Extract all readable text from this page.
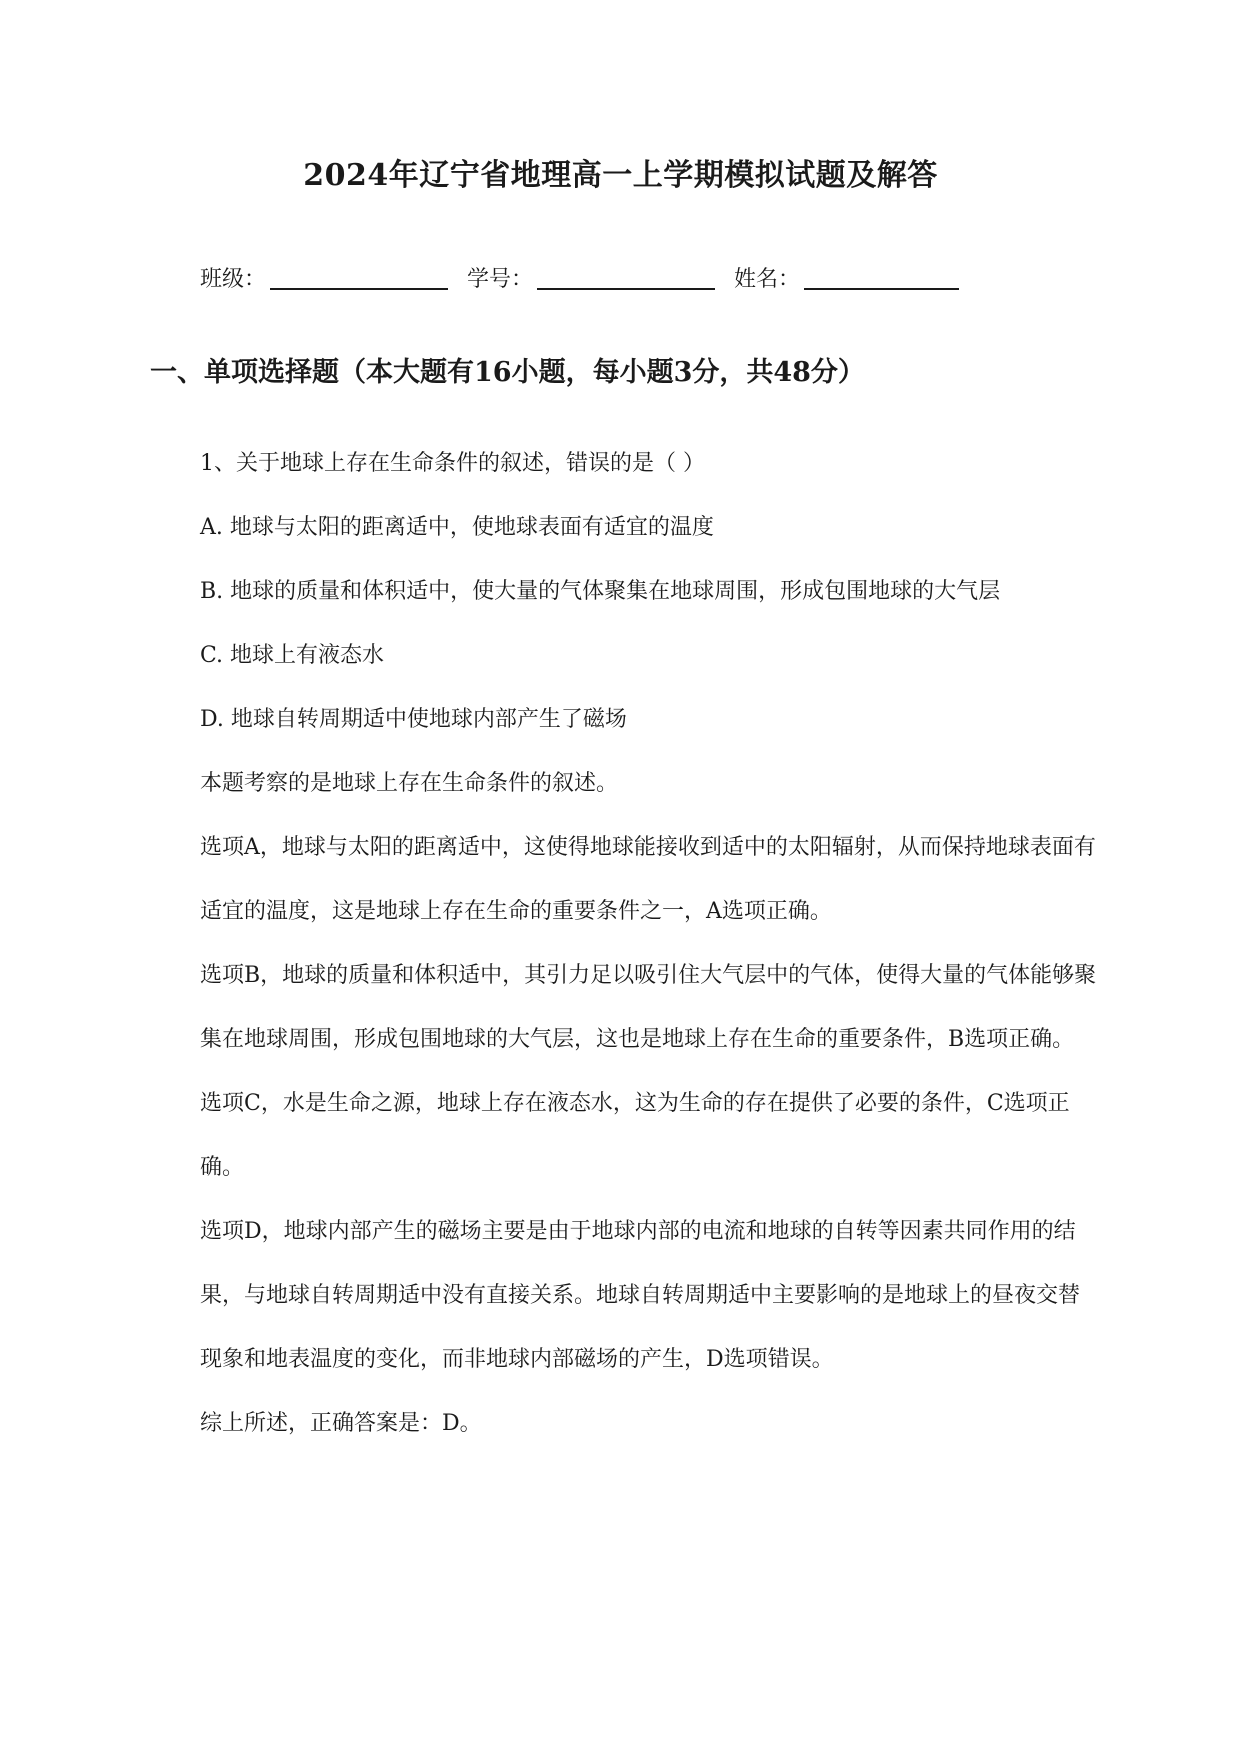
2024年辽宁省地理高一上学期模拟试题及解答
班级：	学号：	姓名：
一、单项选择题（本大题有16小题，每小题3分，共48分）

1、关于地球上存在生命条件的叙述，错误的是（ ）

A. 地球与太阳的距离适中，使地球表面有适宜的温度

B. 地球的质量和体积适中，使大量的气体聚集在地球周围，形成包围地球的大气层

C. 地球上有液态水

D. 地球自转周期适中使地球内部产生了磁场

本题考察的是地球上存在生命条件的叙述。

选项A，地球与太阳的距离适中，这使得地球能接收到适中的太阳辐射，从而保持地球表面有适宜的温度，这是地球上存在生命的重要条件之一，A选项正确。

选项B，地球的质量和体积适中，其引力足以吸引住大气层中的气体，使得大量的气体能够聚集在地球周围，形成包围地球的大气层，这也是地球上存在生命的重要条件，B选项正确。

选项C，水是生命之源，地球上存在液态水，这为生命的存在提供了必要的条件，C选项正确。

选项D，地球内部产生的磁场主要是由于地球内部的电流和地球的自转等因素共同作用的结果，与地球自转周期适中没有直接关系。地球自转周期适中主要影响的是地球上的昼夜交替现象和地表温度的变化，而非地球内部磁场的产生，D选项错误。

综上所述，正确答案是：D。
